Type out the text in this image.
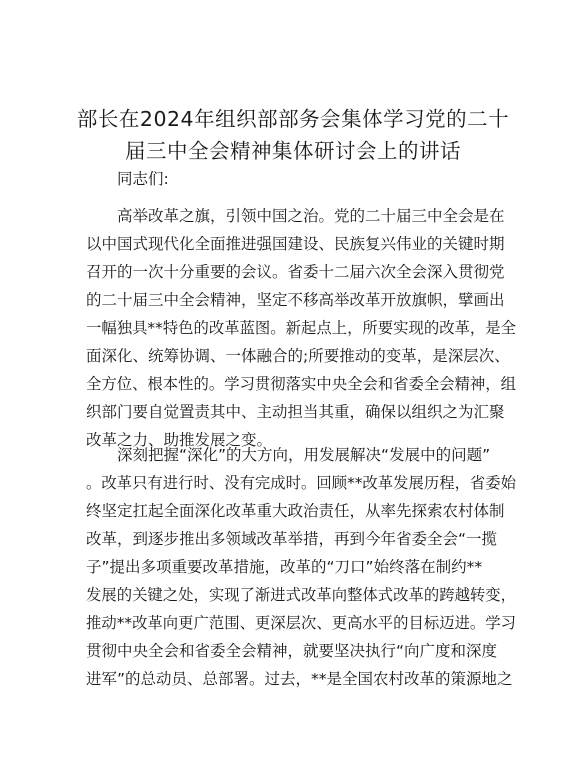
部长在2024年组织部部务会集体学习党的二十
届三中全会精神集体研讨会上的讲话
同志们:
高举改革之旗，引领中国之治。党的二十届三中全会是在
以中国式现代化全面推进强国建设、民族复兴伟业的关键时期
召开的一次十分重要的会议。省委十二届六次全会深入贯彻党
的二十届三中全会精神，坚定不移高举改革开放旗帜，擘画出
一幅独具**特色的改革蓝图。新起点上，所要实现的改革，是全
面深化、统筹协调、一体融合的;所要推动的变革，是深层次、
全方位、根本性的。学习贯彻落实中央全会和省委全会精神，组
织部门要自觉置责其中、主动担当其重，确保以组织之为汇聚
改革之力、助推发展之变。
深刻把握“深化”的大方向，用发展解决“发展中的问题”
。改革只有进行时、没有完成时。回顾**改革发展历程，省委始
终坚定扛起全面深化改革重大政治责任，从率先探索农村体制
改革，到逐步推出多领域改革举措，再到今年省委全会“一揽
子”提出多项重要改革措施，改革的“刀口”始终落在制约**
发展的关键之处，实现了渐进式改革向整体式改革的跨越转变，
推动**改革向更广范围、更深层次、更高水平的目标迈进。学习
贯彻中央全会和省委全会精神，就要坚决执行“向广度和深度
进军”的总动员、总部署。过去，**是全国农村改革的策源地之
